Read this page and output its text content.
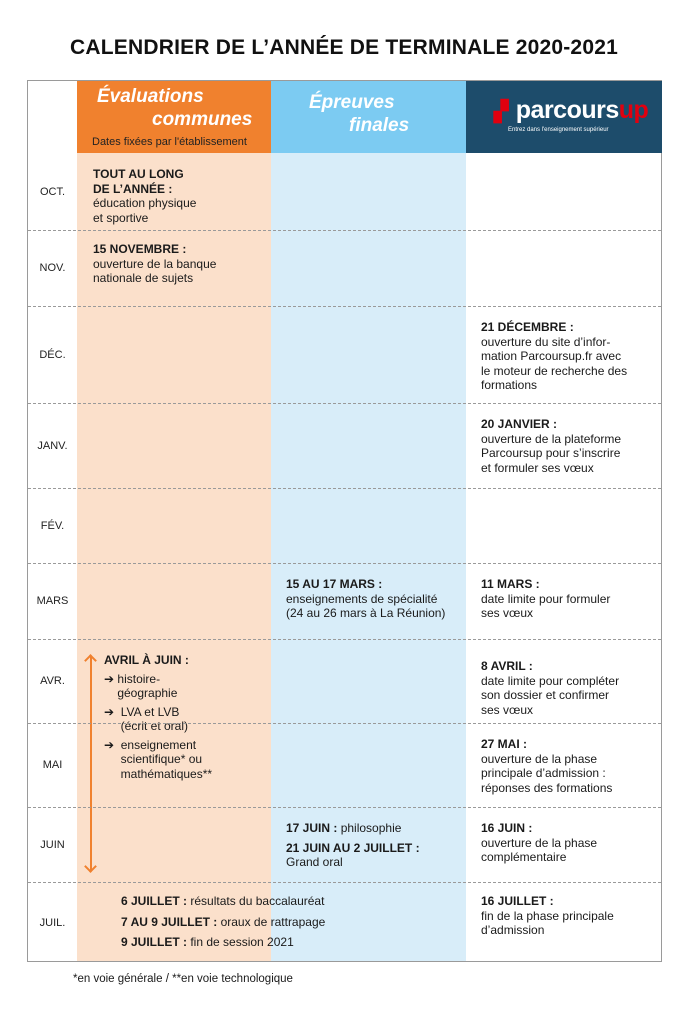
CALENDRIER DE L’ANNÉE DE TERMINALE 2020-2021
Évaluations
communes
Dates fixées par l'établissement
Épreuves
finales
▗▘parcoursup
Entrez dans l'enseignement supérieur
OCT.
TOUT AU LONG
DE L’ANNÉE :
éducation physique
et sportive
NOV.
15 NOVEMBRE :
ouverture de la banque
nationale de sujets
DÉC.
21 DÉCEMBRE :
ouverture du site d’infor-
mation Parcoursup.fr avec
le moteur de recherche des
formations
JANV.
20 JANVIER :
ouverture de la plateforme
Parcoursup pour s’inscrire
et formuler ses vœux
FÉV.
MARS
15 AU 17 MARS :
enseignements de spécialité
(24 au 26 mars à La Réunion)
11 MARS :
date limite pour formuler
ses vœux
AVR.
AVRIL À JUIN :
➔ histoire-
géographie
➔  LVA et LVB
(écrit et oral)
➔  enseignement
scientifique* ou
mathématiques**
8 AVRIL :
date limite pour compléter
son dossier et confirmer
ses vœux
MAI
27 MAI :
ouverture de la phase
principale d’admission :
réponses des formations
JUIN
17 JUIN : philosophie
21 JUIN AU 2 JUILLET :
Grand oral
16 JUIN :
ouverture de la phase
complémentaire
JUIL.
6 JUILLET : résultats du baccalauréat
7 AU 9 JUILLET : oraux de rattrapage
9 JUILLET : fin de session 2021
16 JUILLET :
fin de la phase principale
d’admission
*en voie générale / **en voie technologique
